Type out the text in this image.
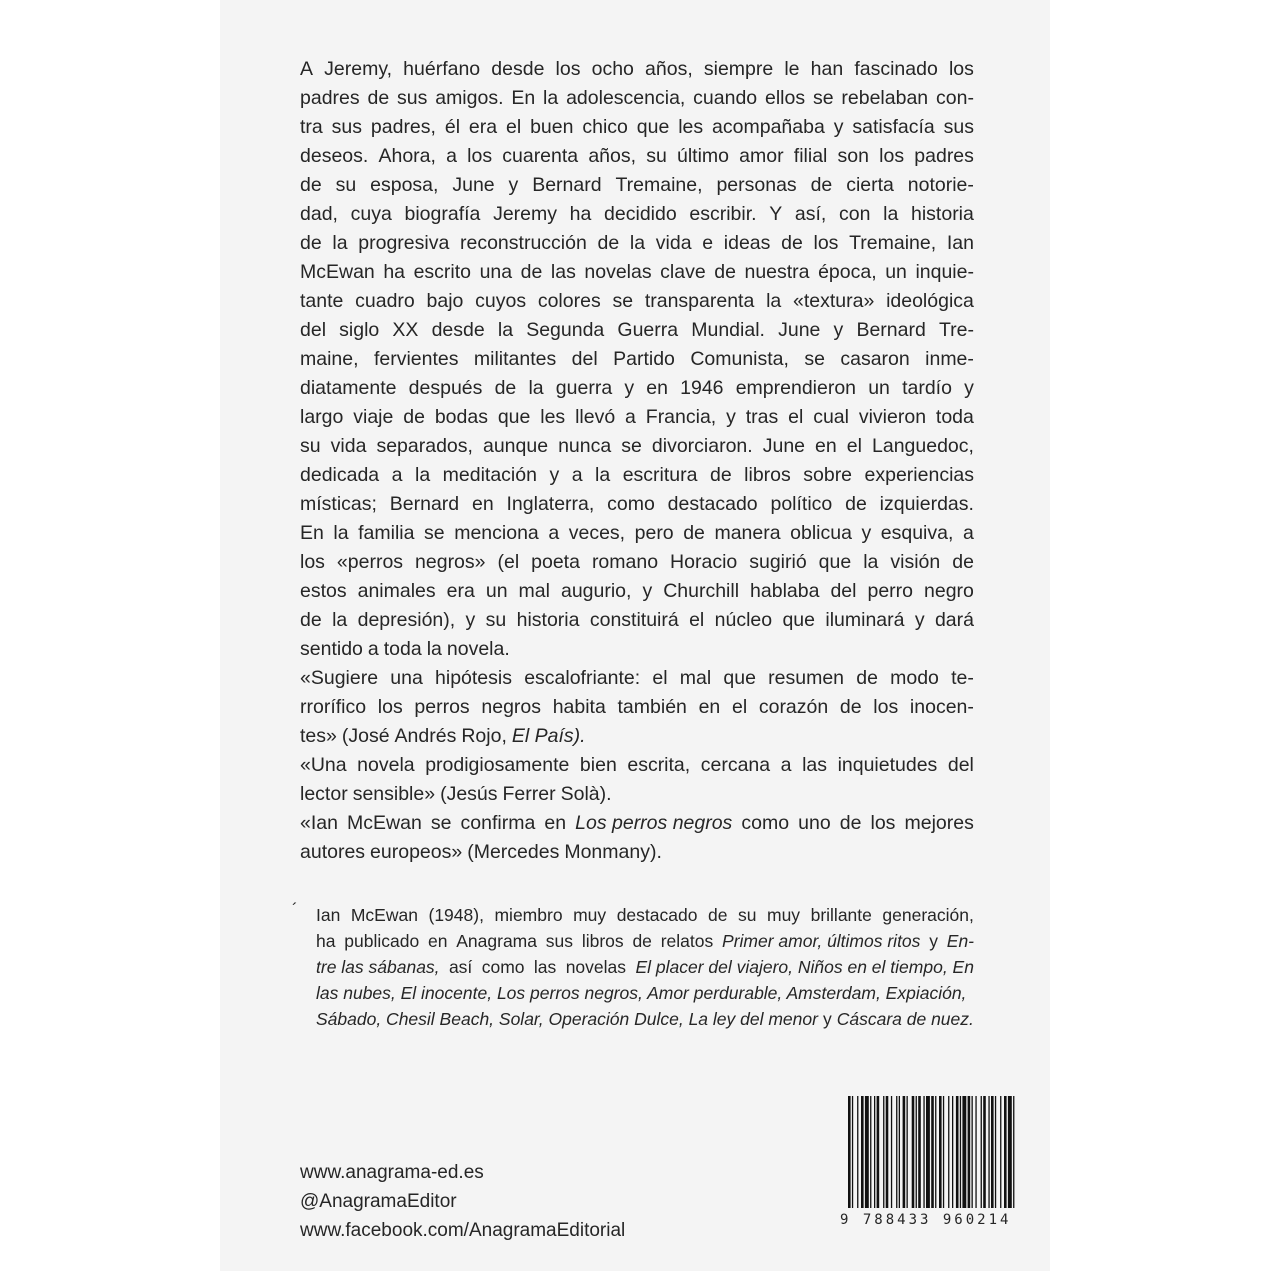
A Jeremy, huérfano desde los ocho años, siempre le han fascinado los
padres de sus amigos. En la adolescencia, cuando ellos se rebelaban con-
tra sus padres, él era el buen chico que les acompañaba y satisfacía sus
deseos. Ahora, a los cuarenta años, su último amor filial son los padres
de su esposa, June y Bernard Tremaine, personas de cierta notorie-
dad, cuya biografía Jeremy ha decidido escribir. Y así, con la historia
de la progresiva reconstrucción de la vida e ideas de los Tremaine, Ian
McEwan ha escrito una de las novelas clave de nuestra época, un inquie-
tante cuadro bajo cuyos colores se transparenta la «textura» ideológica
del siglo XX desde la Segunda Guerra Mundial. June y Bernard Tre-
maine, fervientes militantes del Partido Comunista, se casaron inme-
diatamente después de la guerra y en 1946 emprendieron un tardío y
largo viaje de bodas que les llevó a Francia, y tras el cual vivieron toda
su vida separados, aunque nunca se divorciaron. June en el Languedoc,
dedicada a la meditación y a la escritura de libros sobre experiencias
místicas; Bernard en Inglaterra, como destacado político de izquierdas.
En la familia se menciona a veces, pero de manera oblicua y esquiva, a
los «perros negros» (el poeta romano Horacio sugirió que la visión de
estos animales era un mal augurio, y Churchill hablaba del perro negro
de la depresión), y su historia constituirá el núcleo que iluminará y dará
sentido a toda la novela.
«Sugiere una hipótesis escalofriante: el mal que resumen de modo te-
rrorífico los perros negros habita también en el corazón de los inocen-
tes» (José Andrés Rojo, El País).
«Una novela prodigiosamente bien escrita, cercana a las inquietudes del
lector sensible» (Jesús Ferrer Solà).
«Ian McEwan se confirma en Los perros negros como uno de los mejores
autores europeos» (Mercedes Monmany).
´ Ian McEwan (1948), miembro muy destacado de su muy brillante generación,
ha publicado en Anagrama sus libros de relatos Primer amor, últimos ritos y En-
tre las sábanas, así como las novelas El placer del viajero, Niños en el tiempo, En
las nubes, El inocente, Los perros negros, Amor perdurable, Amsterdam, Expiación,
Sábado, Chesil Beach, Solar, Operación Dulce, La ley del menor y Cáscara de nuez.
www.anagrama-ed.es
@AnagramaEditor
www.facebook.com/AnagramaEditorial	9 788433 960214
